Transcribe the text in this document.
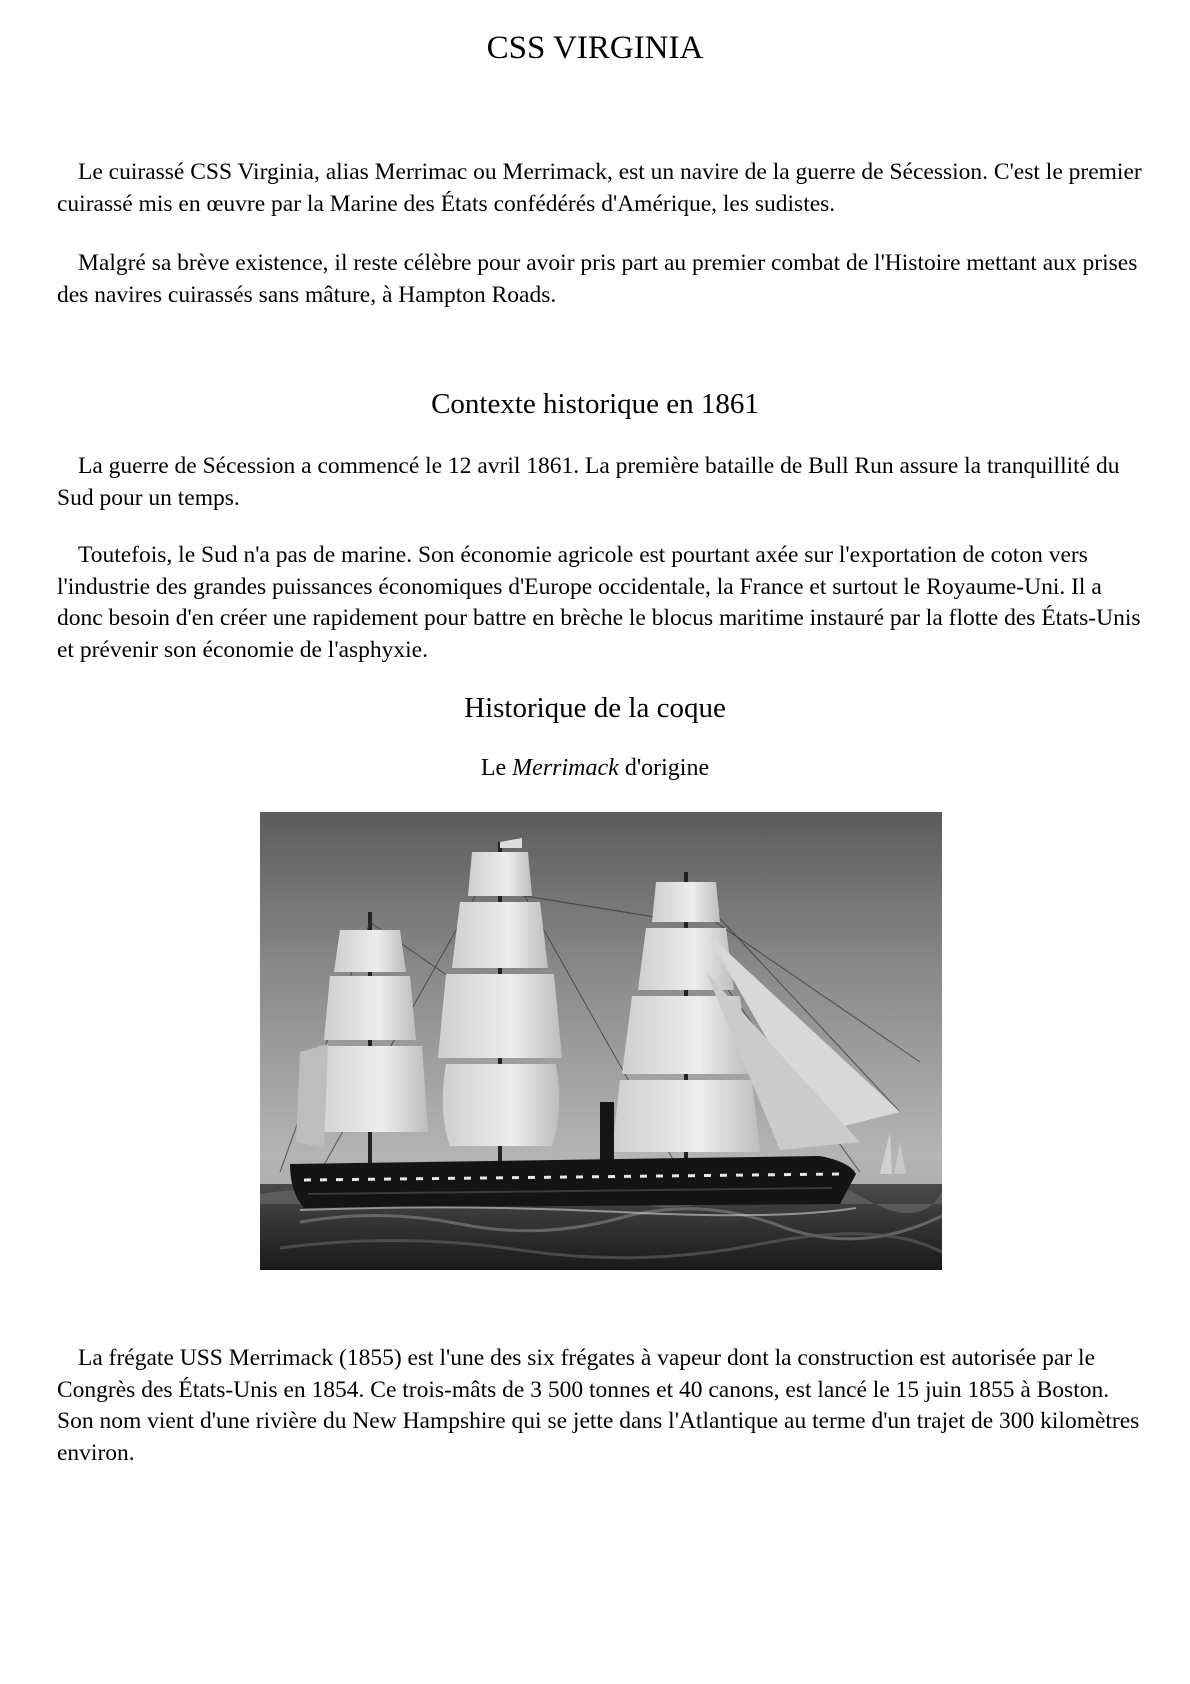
CSS VIRGINIA

Le cuirassé CSS Virginia, alias Merrimac ou Merrimack, est un navire de la guerre de Sécession. C'est le premier cuirassé mis en œuvre par la Marine des États confédérés d'Amérique, les sudistes.

Malgré sa brève existence, il reste célèbre pour avoir pris part au premier combat de l'Histoire mettant aux prises des navires cuirassés sans mâture, à Hampton Roads.

Contexte historique en 1861

La guerre de Sécession a commencé le 12 avril 1861. La première bataille de Bull Run assure la tranquillité du Sud pour un temps.

Toutefois, le Sud n'a pas de marine. Son économie agricole est pourtant axée sur l'exportation de coton vers l'industrie des grandes puissances économiques d'Europe occidentale, la France et surtout le Royaume-Uni. Il a donc besoin d'en créer une rapidement pour battre en brèche le blocus maritime instauré par la flotte des États-Unis et prévenir son économie de l'asphyxie.

Historique de la coque
Le Merrimack d'origine

La frégate USS Merrimack (1855) est l'une des six frégates à vapeur dont la construction est autorisée par le Congrès des États-Unis en 1854. Ce trois-mâts de 3 500 tonnes et 40 canons, est lancé le 15 juin 1855 à Boston. Son nom vient d'une rivière du New Hampshire qui se jette dans l'Atlantique au terme d'un trajet de 300 kilomètres environ.
